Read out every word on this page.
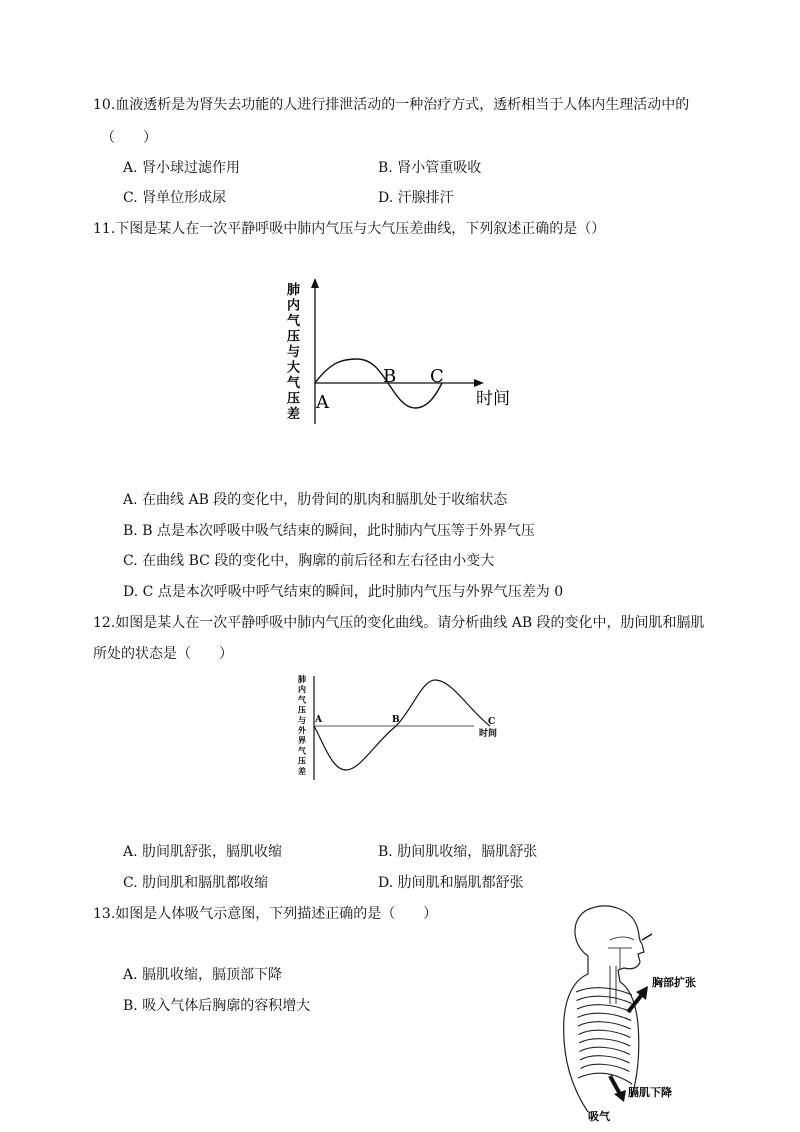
10.血液透析是为肾失去功能的人进行排泄活动的一种治疗方式，透析相当于人体内生理活动中的
（　　）
A. 肾小球过滤作用	B. 肾小管重吸收
C. 肾单位形成尿	D. 汗腺排汗
11.下图是某人在一次平静呼吸中肺内气压与大气压差曲线，下列叙述正确的是（）
肺
内
气
压
与
大
气
压
差
A
B C
时间
A. 在曲线 AB 段的变化中，肋骨间的肌肉和膈肌处于收缩状态
B. B 点是本次呼吸中吸气结束的瞬间，此时肺内气压等于外界气压
C. 在曲线 BC 段的变化中，胸廓的前后径和左右径由小变大
D. C 点是本次呼吸中呼气结束的瞬间，此时肺内气压与外界气压差为 0
12.如图是某人在一次平静呼吸中肺内气压的变化曲线。请分析曲线 AB 段的变化中，肋间肌和膈肌
所处的状态是（　　）
肺
内
气
压
与
外
界
气
压
差
A	B	C
时间
A. 肋间肌舒张，膈肌收缩	B. 肋间肌收缩，膈肌舒张
C. 肋间肌和膈肌都收缩	D. 肋间肌和膈肌都舒张
13.如图是人体吸气示意图，下列描述正确的是（　　）
A. 膈肌收缩，膈顶部下降
B. 吸入气体后胸廓的容积增大
胸部扩张
膈肌下降
吸气
